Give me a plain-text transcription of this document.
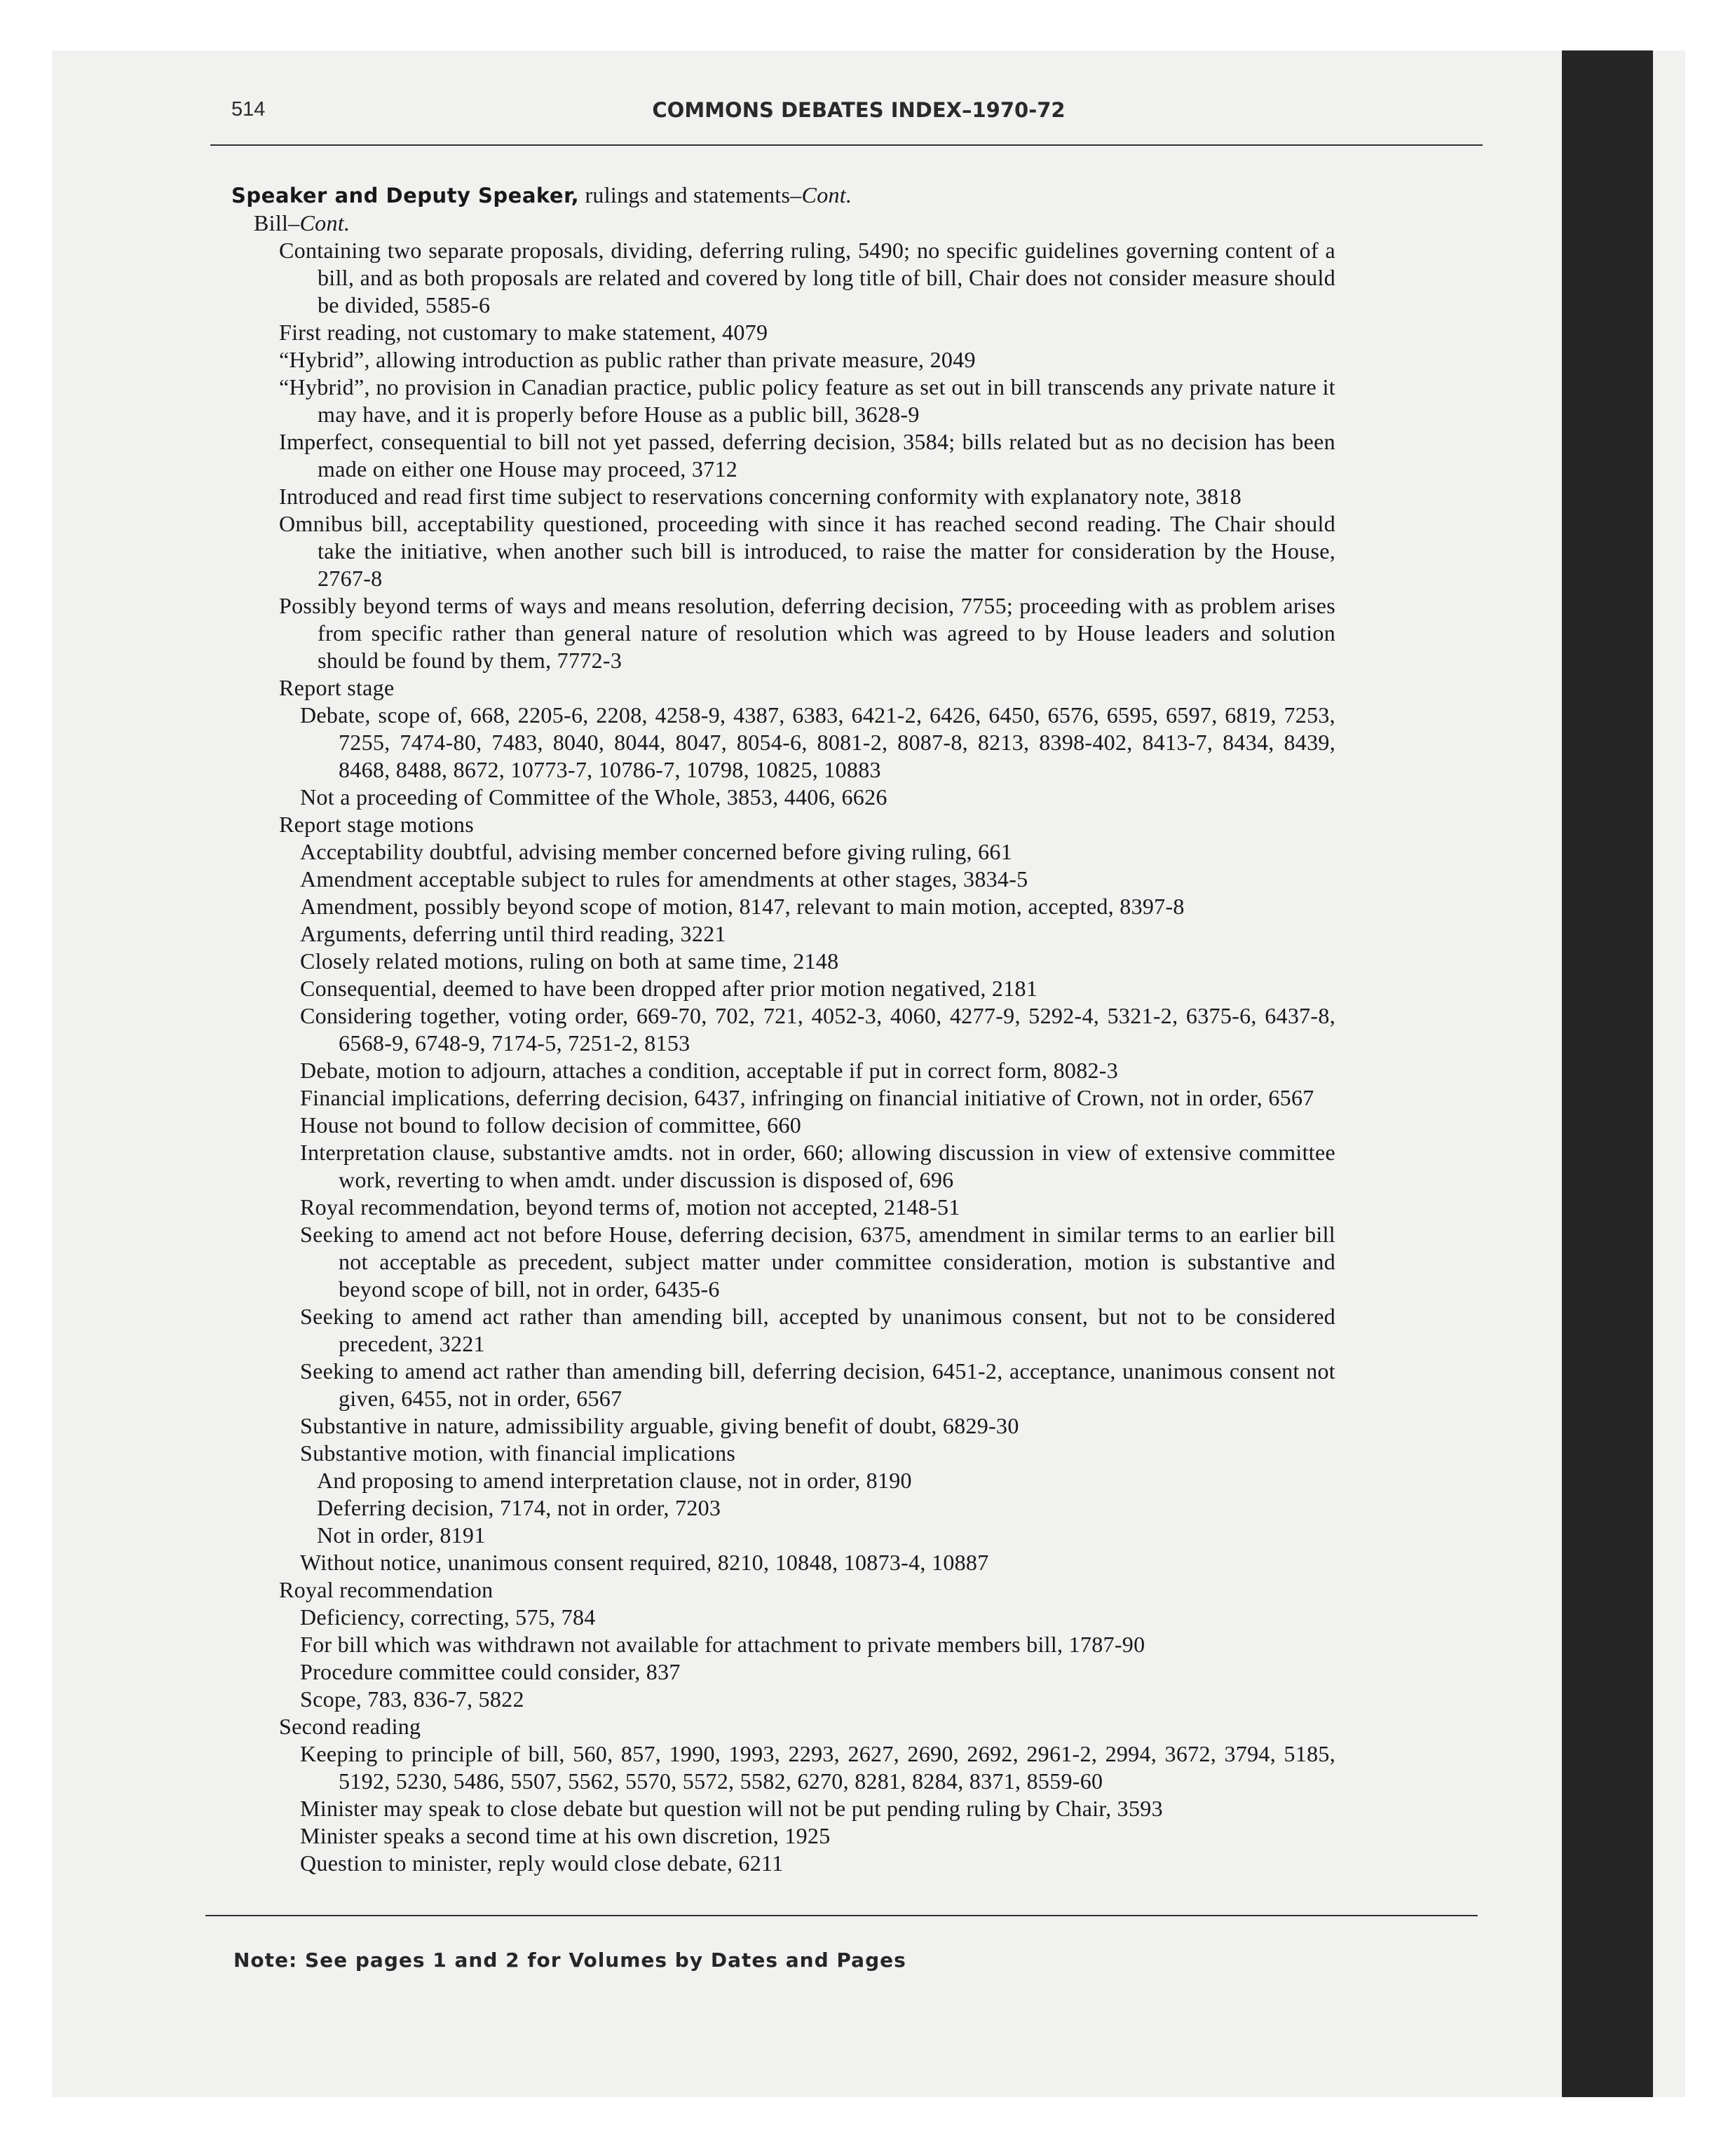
514	COMMONS DEBATES INDEX–1970-72
Speaker and Deputy Speaker, rulings and statements–Cont.
Bill–Cont.
Containing two separate proposals, dividing, deferring ruling, 5490; no specific guidelines governing content of a bill, and as both proposals are related and covered by long title of bill, Chair does not consider measure should be divided, 5585-6
First reading, not customary to make statement, 4079
“Hybrid”, allowing introduction as public rather than private measure, 2049
“Hybrid”, no provision in Canadian practice, public policy feature as set out in bill transcends any private nature it may have, and it is properly before House as a public bill, 3628-9
Imperfect, consequential to bill not yet passed, deferring decision, 3584; bills related but as no decision has been made on either one House may proceed, 3712
Introduced and read first time subject to reservations concerning conformity with explanatory note, 3818
Omnibus bill, acceptability questioned, proceeding with since it has reached second reading. The Chair should take the initiative, when another such bill is introduced, to raise the matter for consideration by the House, 2767-8
Possibly beyond terms of ways and means resolution, deferring decision, 7755; proceeding with as problem arises from specific rather than general nature of resolution which was agreed to by House leaders and solution should be found by them, 7772-3
Report stage
Debate, scope of, 668, 2205-6, 2208, 4258-9, 4387, 6383, 6421-2, 6426, 6450, 6576, 6595, 6597, 6819, 7253, 7255, 7474-80, 7483, 8040, 8044, 8047, 8054-6, 8081-2, 8087-8, 8213, 8398-402, 8413-7, 8434, 8439, 8468, 8488, 8672, 10773-7, 10786-7, 10798, 10825, 10883
Not a proceeding of Committee of the Whole, 3853, 4406, 6626
Report stage motions
Acceptability doubtful, advising member concerned before giving ruling, 661
Amendment acceptable subject to rules for amendments at other stages, 3834-5
Amendment, possibly beyond scope of motion, 8147, relevant to main motion, accepted, 8397-8
Arguments, deferring until third reading, 3221
Closely related motions, ruling on both at same time, 2148
Consequential, deemed to have been dropped after prior motion negatived, 2181
Considering together, voting order, 669-70, 702, 721, 4052-3, 4060, 4277-9, 5292-4, 5321-2, 6375-6, 6437-8, 6568-9, 6748-9, 7174-5, 7251-2, 8153
Debate, motion to adjourn, attaches a condition, acceptable if put in correct form, 8082-3
Financial implications, deferring decision, 6437, infringing on financial initiative of Crown, not in order, 6567
House not bound to follow decision of committee, 660
Interpretation clause, substantive amdts. not in order, 660; allowing discussion in view of extensive committee work, reverting to when amdt. under discussion is disposed of, 696
Royal recommendation, beyond terms of, motion not accepted, 2148-51
Seeking to amend act not before House, deferring decision, 6375, amendment in similar terms to an earlier bill not acceptable as precedent, subject matter under committee consideration, motion is substantive and beyond scope of bill, not in order, 6435-6
Seeking to amend act rather than amending bill, accepted by unanimous consent, but not to be considered precedent, 3221
Seeking to amend act rather than amending bill, deferring decision, 6451-2, acceptance, unanimous consent not given, 6455, not in order, 6567
Substantive in nature, admissibility arguable, giving benefit of doubt, 6829-30
Substantive motion, with financial implications
And proposing to amend interpretation clause, not in order, 8190
Deferring decision, 7174, not in order, 7203
Not in order, 8191
Without notice, unanimous consent required, 8210, 10848, 10873-4, 10887
Royal recommendation
Deficiency, correcting, 575, 784
For bill which was withdrawn not available for attachment to private members bill, 1787-90
Procedure committee could consider, 837
Scope, 783, 836-7, 5822
Second reading
Keeping to principle of bill, 560, 857, 1990, 1993, 2293, 2627, 2690, 2692, 2961-2, 2994, 3672, 3794, 5185, 5192, 5230, 5486, 5507, 5562, 5570, 5572, 5582, 6270, 8281, 8284, 8371, 8559-60
Minister may speak to close debate but question will not be put pending ruling by Chair, 3593
Minister speaks a second time at his own discretion, 1925
Question to minister, reply would close debate, 6211
Note: See pages 1 and 2 for Volumes by Dates and Pages
